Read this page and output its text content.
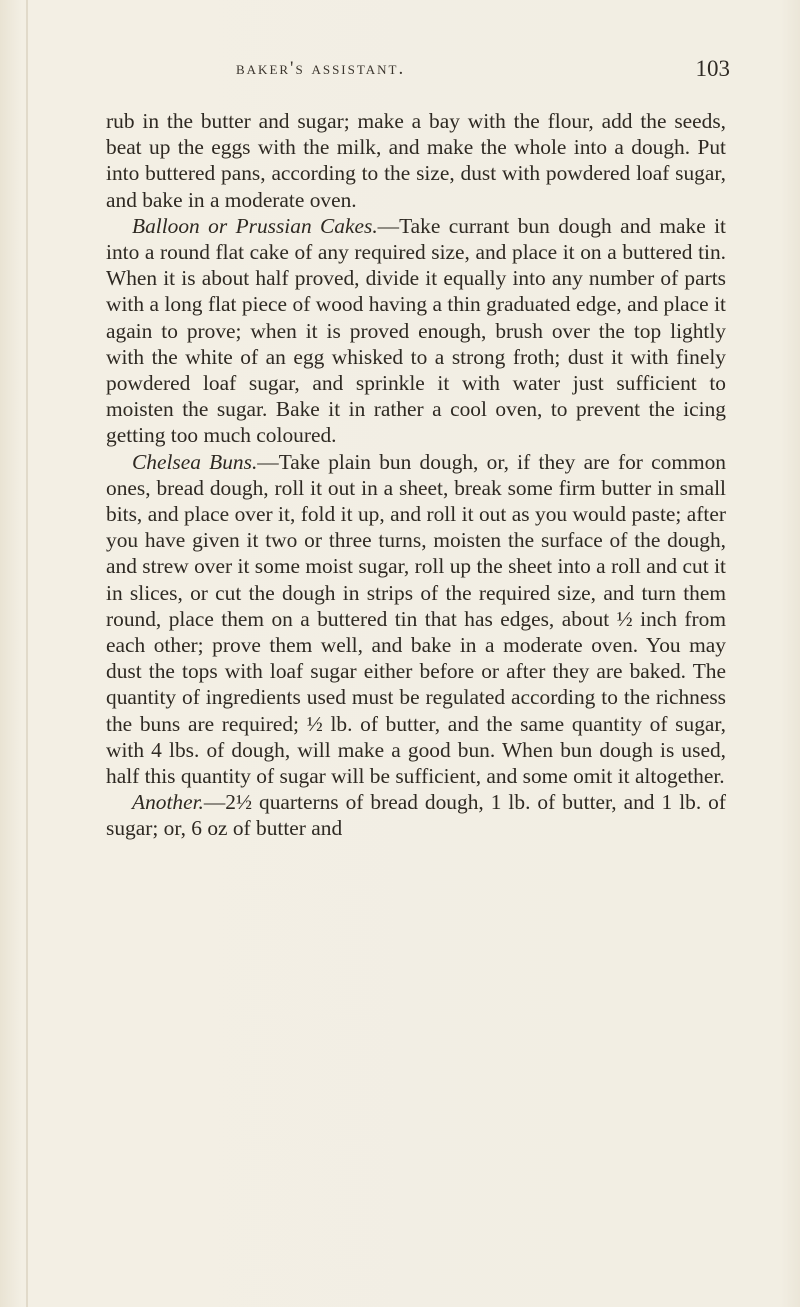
baker's assistant.	103

rub in the butter and sugar; make a bay with the flour, add the seeds, beat up the eggs with the milk, and make the whole into a dough. Put into buttered pans, according to the size, dust with powdered loaf sugar, and bake in a moderate oven.

Balloon or Prussian Cakes.—Take currant bun dough and make it into a round flat cake of any required size, and place it on a buttered tin. When it is about half proved, divide it equally into any number of parts with a long flat piece of wood having a thin graduated edge, and place it again to prove; when it is proved enough, brush over the top lightly with the white of an egg whisked to a strong froth; dust it with finely powdered loaf sugar, and sprinkle it with water just sufficient to moisten the sugar. Bake it in rather a cool oven, to prevent the icing getting too much coloured.

Chelsea Buns.—Take plain bun dough, or, if they are for common ones, bread dough, roll it out in a sheet, break some firm butter in small bits, and place over it, fold it up, and roll it out as you would paste; after you have given it two or three turns, moisten the surface of the dough, and strew over it some moist sugar, roll up the sheet into a roll and cut it in slices, or cut the dough in strips of the required size, and turn them round, place them on a buttered tin that has edges, about ½ inch from each other; prove them well, and bake in a moderate oven. You may dust the tops with loaf sugar either before or after they are baked. The quantity of ingredients used must be regulated according to the richness the buns are required; ½ lb. of butter, and the same quantity of sugar, with 4 lbs. of dough, will make a good bun. When bun dough is used, half this quantity of sugar will be sufficient, and some omit it altogether.

Another.—2½ quarterns of bread dough, 1 lb. of butter, and 1 lb. of sugar; or, 6 oz of butter and
